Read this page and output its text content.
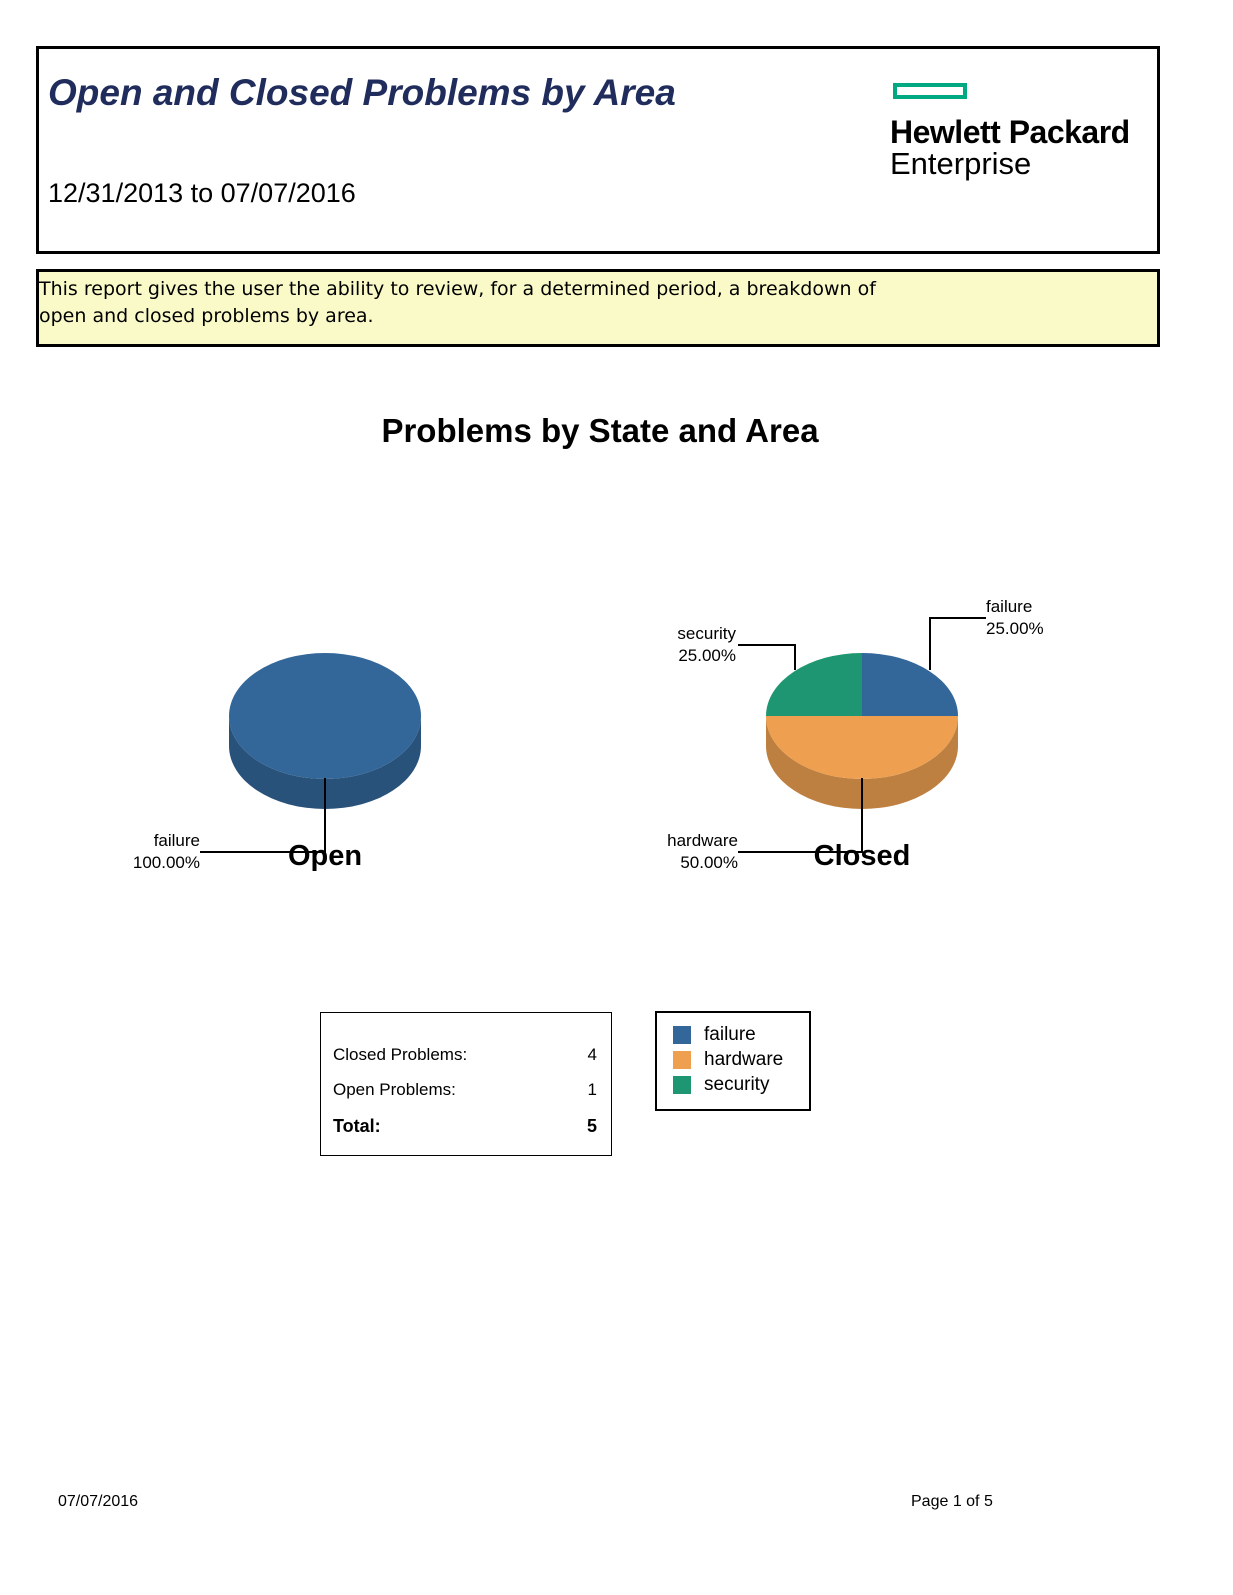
Open and Closed Problems by Area
12/31/2013 to 07/07/2016
Hewlett Packard
Enterprise
This report gives the user the ability to review, for a determined period, a breakdown of
open and closed problems by area.
Problems by State and Area
failure
100.00%	Open
failure
25.00%
hardware
50.00%
security
25.00%
Closed
Closed Problems:	4
Open Problems:	1
Total:	5
failure
hardware
security
07/07/2016	Page 1 of 5
